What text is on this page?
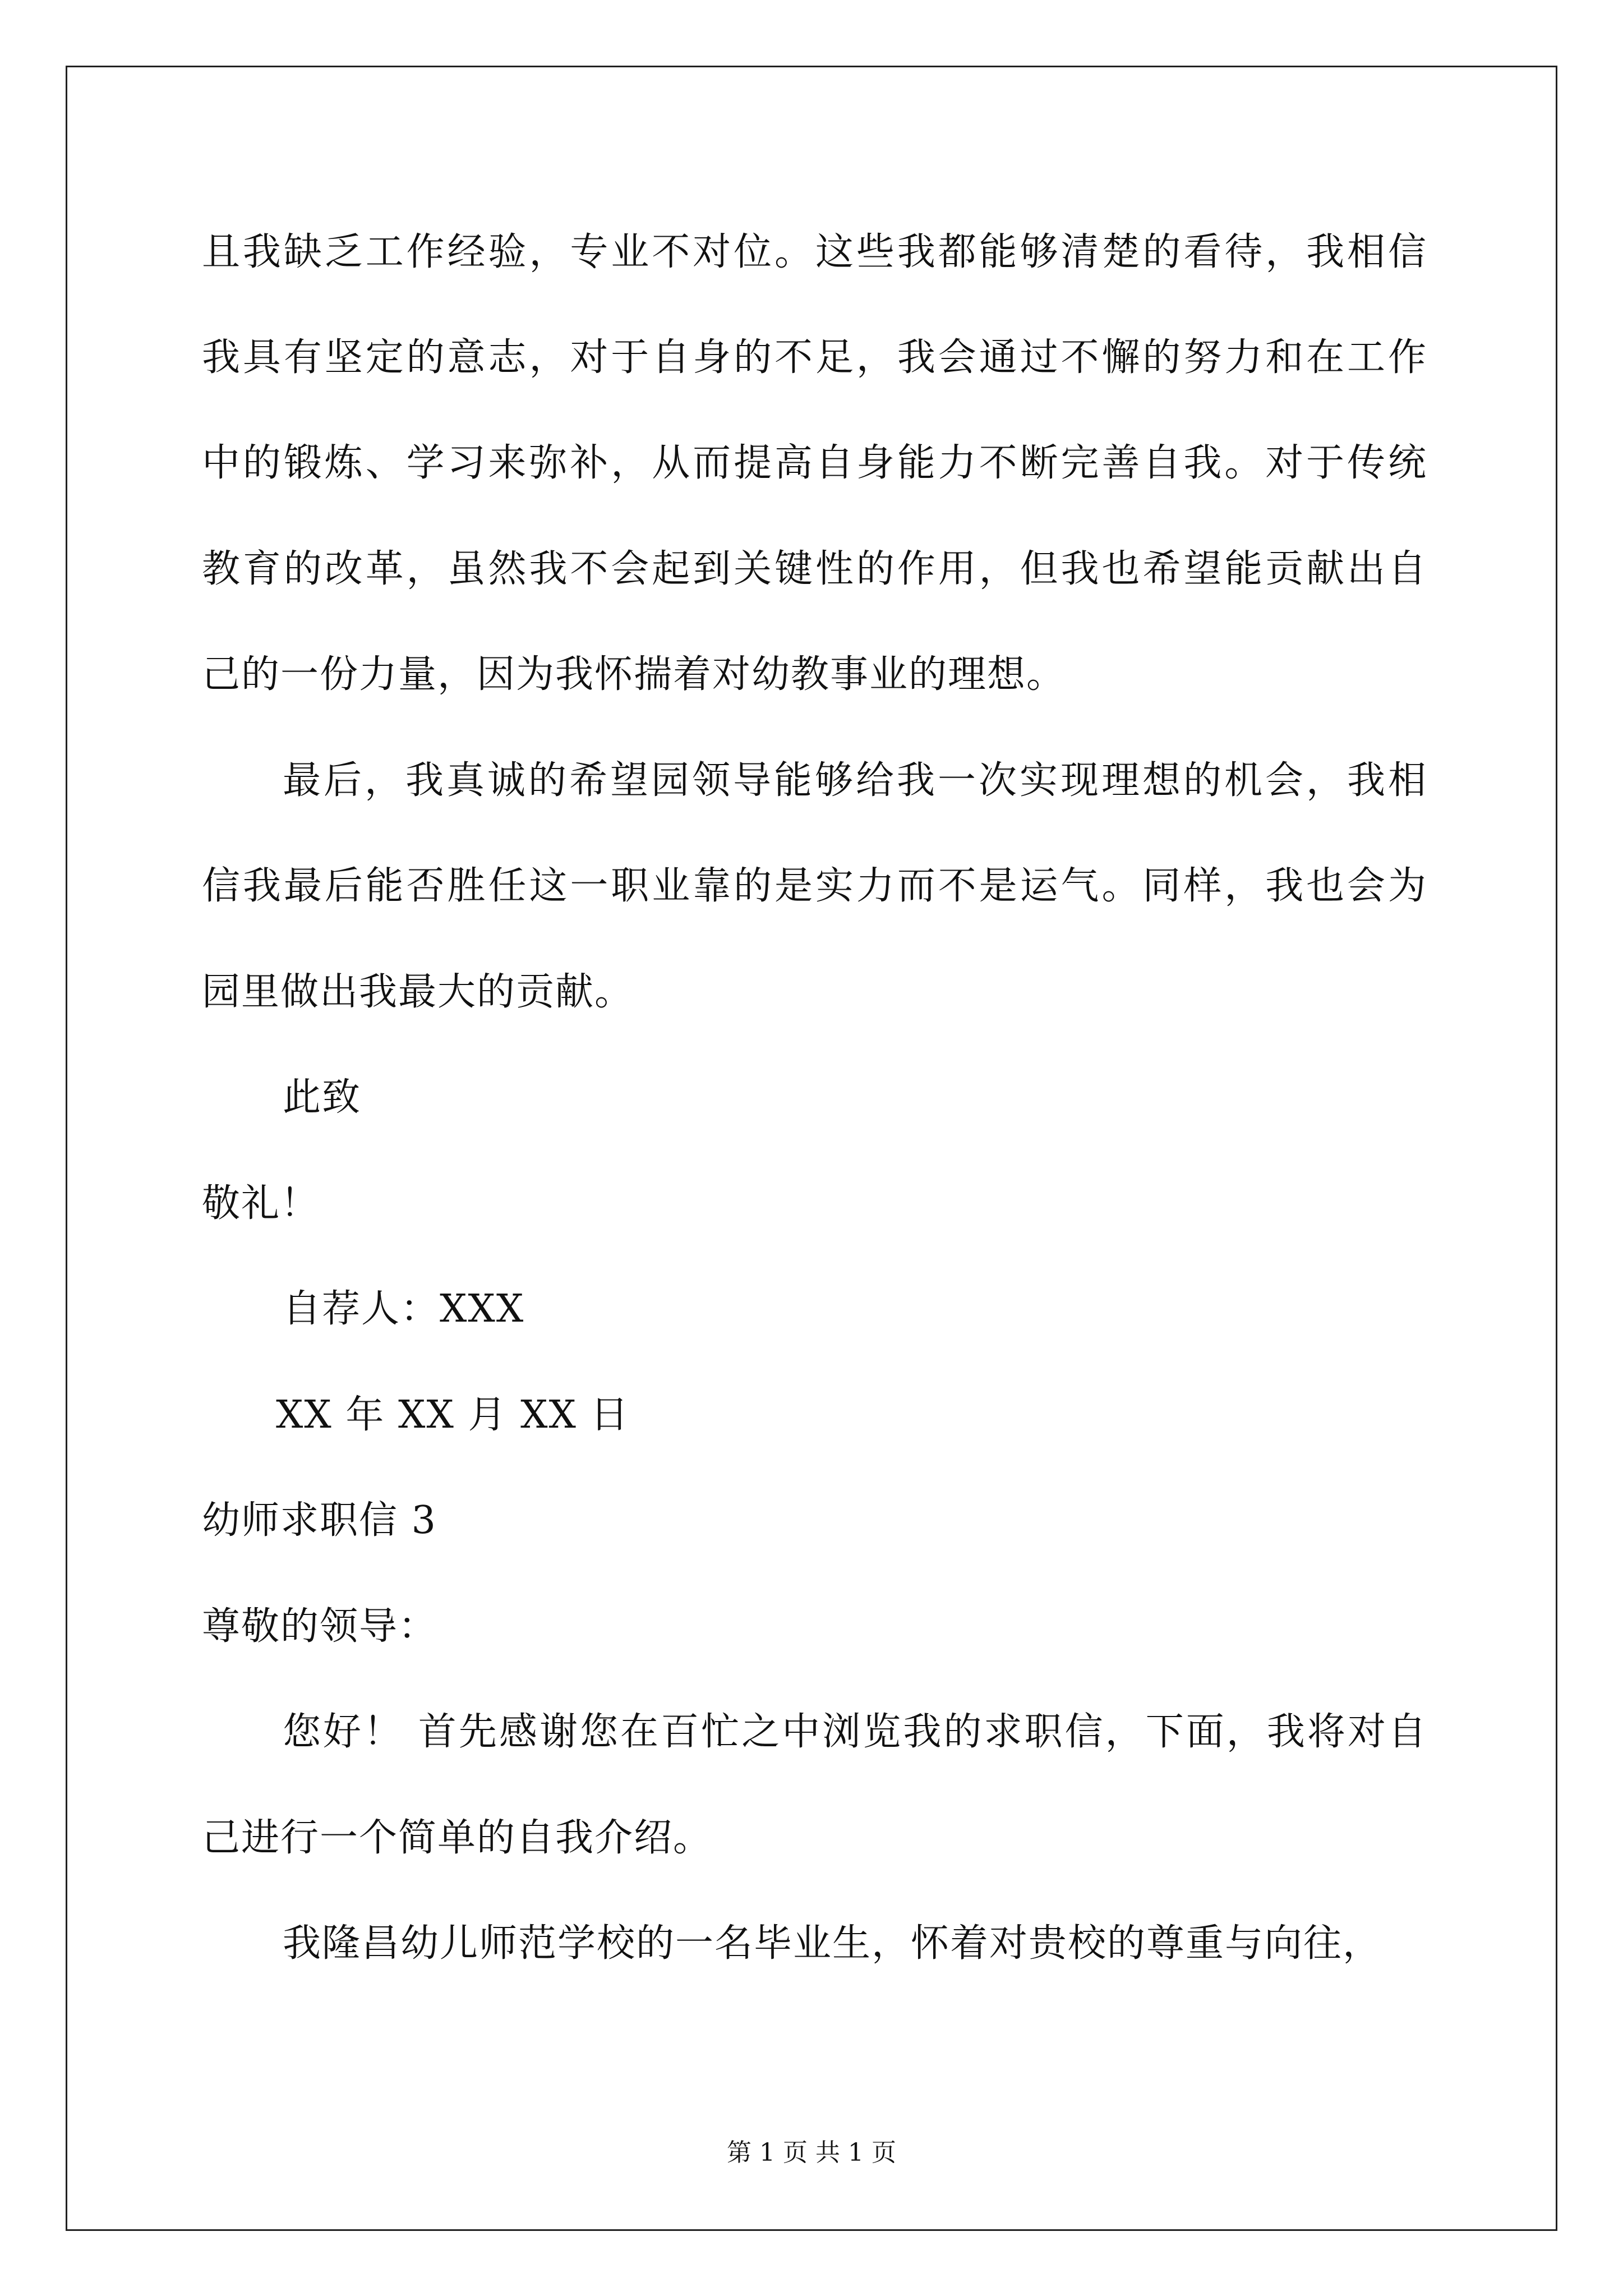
且我缺乏工作经验，专业不对位。这些我都能够清楚的看待，我相信
我具有坚定的意志，对于自身的不足，我会通过不懈的努力和在工作
中的锻炼、学习来弥补，从而提高自身能力不断完善自我。对于传统
教育的改革，虽然我不会起到关键性的作用，但我也希望能贡献出自
己的一份力量，因为我怀揣着对幼教事业的理想。
最后，我真诚的希望园领导能够给我一次实现理想的机会，我相
信我最后能否胜任这一职业靠的是实力而不是运气。同样，我也会为
园里做出我最大的贡献。
此致
敬礼！
自荐人：XXX
XX 年 XX 月 XX 日
幼师求职信 3
尊敬的领导：
您好！ 首先感谢您在百忙之中浏览我的求职信，下面，我将对自
己进行一个简单的自我介绍。
我隆昌幼儿师范学校的一名毕业生，怀着对贵校的尊重与向往，
第 1 页 共 1 页
